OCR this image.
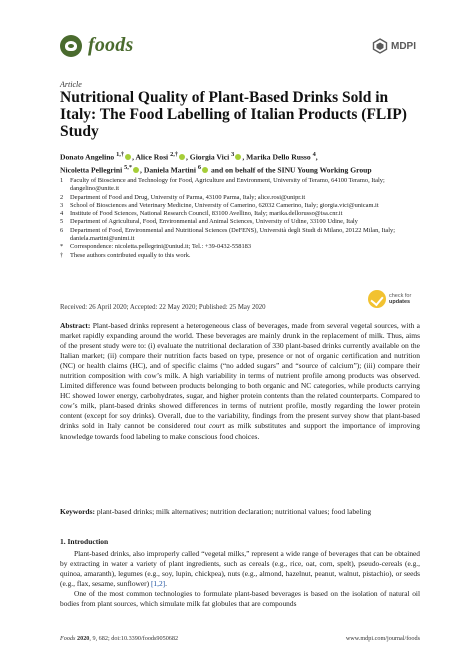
foods	MDPI
Article
Nutritional Quality of Plant-Based Drinks Sold in Italy: The Food Labelling of Italian Products (FLIP) Study
Donato Angelino $^{1,\dagger}$ , Alice Rosi $^{2,\dagger}$ , Giorgia Vici $^3$ , Marika Dello Russo $^4$,
Nicoletta Pellegrini $^{5,*}$ , Daniela Martini $^6$ and on behalf of the SINU Young Working Group
1	Faculty of Bioscience and Technology for Food, Agriculture and Environment, University of Teramo, 64100 Teramo, Italy; dangelino@unite.it
2	Department of Food and Drug, University of Parma, 43100 Parma, Italy; alice.rosi@unipr.it
3	School of Biosciences and Veterinary Medicine, University of Camerino, 62032 Camerino, Italy; giorgia.vici@unicam.it
4	Institute of Food Sciences, National Research Council, 83100 Avellino, Italy; marika.dellorusso@isa.cnr.it
5	Department of Agricultural, Food, Environmental and Animal Sciences, University of Udine, 33100 Udine, Italy
6	Department of Food, Environmental and Nutritional Sciences (DeFENS), Università degli Studi di Milano, 20122 Milan, Italy; daniela.martini@unimi.it
*	Correspondence: nicoletta.pellegrini@uniud.it; Tel.: +39-0432-558183
†	These authors contributed equally to this work.
check for
updates
Received: 26 April 2020; Accepted: 22 May 2020; Published: 25 May 2020

Abstract: Plant-based drinks represent a heterogeneous class of beverages, made from several vegetal sources, with a market rapidly expanding around the world. These beverages are mainly drunk in the replacement of milk. Thus, aims of the present study were to: (i) evaluate the nutritional declaration of 330 plant-based drinks currently available on the Italian market; (ii) compare their nutrition facts based on type, presence or not of organic certification and nutrition (NC) or health claims (HC), and of specific claims (“no added sugars” and “source of calcium”); (iii) compare their nutrition composition with cow’s milk. A high variability in terms of nutrient profile among products was observed. Limited difference was found between products belonging to both organic and NC categories, while products carrying HC showed lower energy, carbohydrates, sugar, and higher protein contents than the related counterparts. Compared to cow’s milk, plant-based drinks showed differences in terms of nutrient profile, mostly regarding the lower protein content (except for soy drinks). Overall, due to the variability, findings from the present survey show that plant-based drinks sold in Italy cannot be considered tout court as milk substitutes and support the importance of improving knowledge towards food labeling to make conscious food choices.

Keywords: plant-based drinks; milk alternatives; nutrition declaration; nutritional values; food labeling

1. Introduction

Plant-based drinks, also improperly called “vegetal milks,” represent a wide range of beverages that can be obtained by extracting in water a variety of plant ingredients, such as cereals (e.g., rice, oat, corn, spelt), pseudo-cereals (e.g., quinoa, amaranth), legumes (e.g., soy, lupin, chickpea), nuts (e.g., almond, hazelnut, peanut, walnut, pistachio), or seeds (e.g., flax, sesame, sunflower) [1,2].

One of the most common technologies to formulate plant-based beverages is based on the isolation of natural oil bodies from plant sources, which simulate milk fat globules that are compounds

Foods 2020, 9, 682; doi:10.3390/foods9050682	www.mdpi.com/journal/foods
